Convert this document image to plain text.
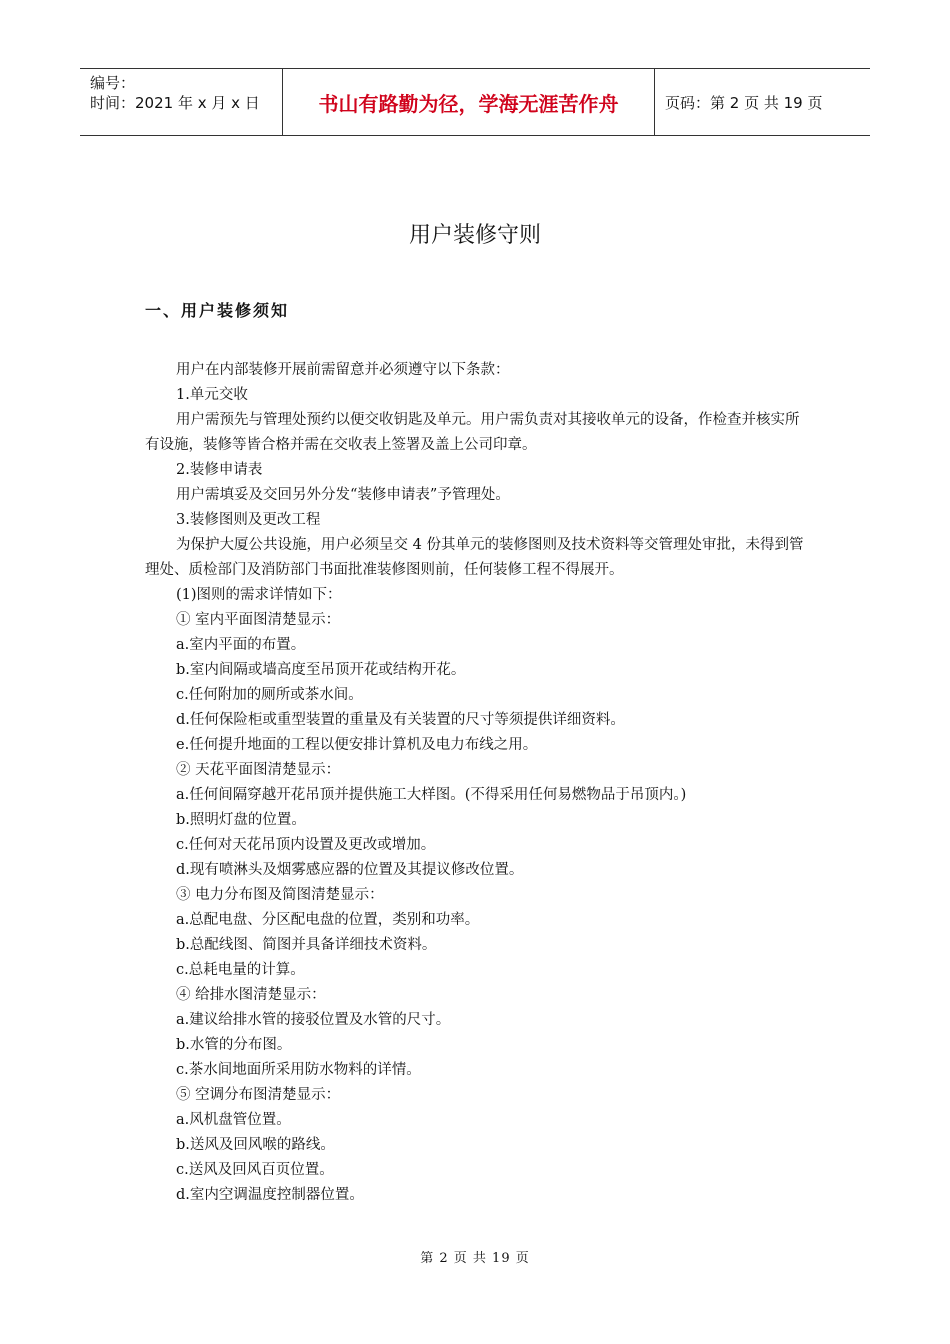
编号：
时间：2021 年 x 月 x 日	书山有路勤为径，学海无涯苦作舟	页码：第 2 页 共 19 页
用户装修守则
一、用户装修须知

用户在内部装修开展前需留意并必须遵守以下条款：

1.单元交收

用户需预先与管理处预约以便交收钥匙及单元。用户需负责对其接收单元的设备，作检查并核实所有设施，装修等皆合格并需在交收表上签署及盖上公司印章。

2.装修申请表

用户需填妥及交回另外分发“装修申请表”予管理处。

3.装修图则及更改工程

为保护大厦公共设施，用户必须呈交 4 份其单元的装修图则及技术资料等交管理处审批，未得到管理处、质检部门及消防部门书面批准装修图则前，任何装修工程不得展开。

(1)图则的需求详情如下：

① 室内平面图清楚显示：

a.室内平面的布置。

b.室内间隔或墙高度至吊顶开花或结构开花。

c.任何附加的厕所或茶水间。

d.任何保险柜或重型装置的重量及有关装置的尺寸等须提供详细资料。

e.任何提升地面的工程以便安排计算机及电力布线之用。

② 天花平面图清楚显示：

a.任何间隔穿越开花吊顶并提供施工大样图。(不得采用任何易燃物品于吊顶内。)

b.照明灯盘的位置。

c.任何对天花吊顶内设置及更改或增加。

d.现有喷淋头及烟雾感应器的位置及其提议修改位置。

③ 电力分布图及简图清楚显示：

a.总配电盘、分区配电盘的位置，类别和功率。

b.总配线图、简图并具备详细技术资料。

c.总耗电量的计算。

④ 给排水图清楚显示：

a.建议给排水管的接驳位置及水管的尺寸。

b.水管的分布图。

c.茶水间地面所采用防水物料的详情。

⑤ 空调分布图清楚显示：

a.风机盘管位置。

b.送风及回风喉的路线。

c.送风及回风百页位置。

d.室内空调温度控制器位置。

第 2 页 共 19 页
